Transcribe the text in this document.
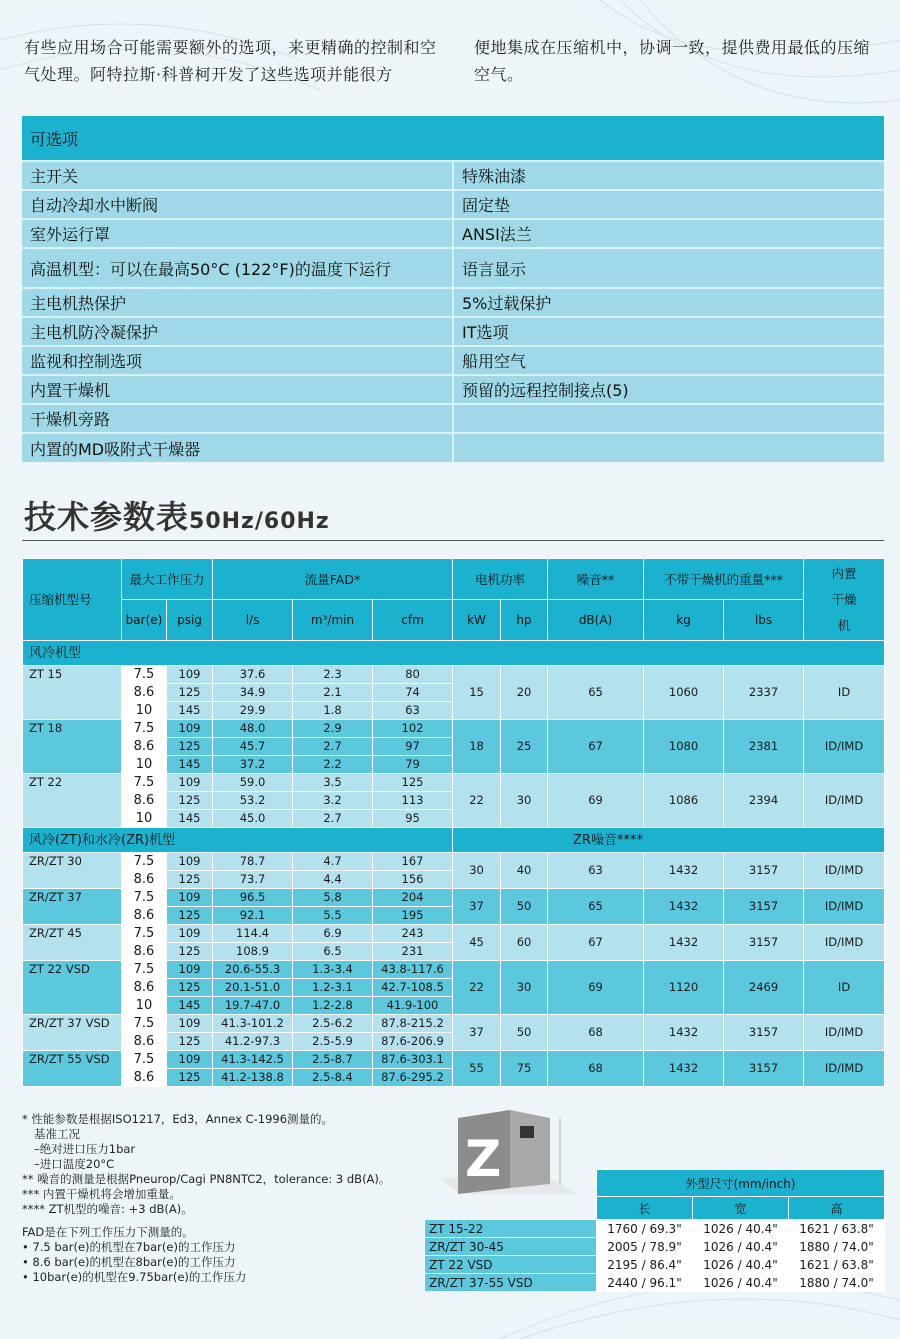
有些应用场合可能需要额外的选项，来更精确的控制和空气处理。阿特拉斯·科普柯开发了这些选项并能很方
便地集成在压缩机中，协调一致，提供费用最低的压缩空气。
可选项	
主开关	特殊油漆
自动冷却水中断阀	固定垫
室外运行罩	ANSI法兰
高温机型：可以在最高50°C (122°F)的温度下运行	语言显示
主电机热保护	5%过载保护
主电机防冷凝保护	IT选项
监视和控制选项	船用空气
内置干燥机	预留的远程控制接点(5)
干燥机旁路	
内置的MD吸附式干燥器	
技术参数表50Hz/60Hz
压缩机型号	最大工作压力		流量FAD*			电机功率		噪音**	不带干燥机的重量***		内置干燥机
	bar(e)	psig	l/s	m³/min	cfm	kW	hp	dB(A)	kg	lbs	
风冷机型											
ZT 15	7.5	109	37.6	2.3	80	15	20	65	1060	2337	ID
	8.6	125	34.9	2.1	74						
	10	145	29.9	1.8	63						
ZT 18	7.5	109	48.0	2.9	102	18	25	67	1080	2381	ID/IMD
	8.6	125	45.7	2.7	97						
	10	145	37.2	2.2	79						
ZT 22	7.5	109	59.0	3.5	125	22	30	69	1086	2394	ID/IMD
	8.6	125	53.2	3.2	113						
	10	145	45.0	2.7	95						
风冷(ZT)和水冷(ZR)机型						ZR噪音****					
ZR/ZT 30	7.5	109	78.7	4.7	167	30	40	63	1432	3157	ID/IMD
	8.6	125	73.7	4.4	156						
ZR/ZT 37	7.5	109	96.5	5.8	204	37	50	65	1432	3157	ID/IMD
	8.6	125	92.1	5.5	195						
ZR/ZT 45	7.5	109	114.4	6.9	243	45	60	67	1432	3157	ID/IMD
	8.6	125	108.9	6.5	231						
ZT 22 VSD	7.5	109	20.6-55.3	1.3-3.4	43.8-117.6	22	30	69	1120	2469	ID
	8.6	125	20.1-51.0	1.2-3.1	42.7-108.5						
	10	145	19.7-47.0	1.2-2.8	41.9-100						
ZR/ZT 37 VSD	7.5	109	41.3-101.2	2.5-6.2	87.8-215.2	37	50	68	1432	3157	ID/IMD
	8.6	125	41.2-97.3	2.5-5.9	87.6-206.9						
ZR/ZT 55 VSD	7.5	109	41.3-142.5	2.5-8.7	87.6-303.1	55	75	68	1432	3157	ID/IMD
	8.6	125	41.2-138.8	2.5-8.4	87.6-295.2						

* 性能参数是根据ISO1217，Ed3，Annex C-1996测量的。

基准工况

–绝对进口压力1bar

–进口温度20°C

** 噪音的测量是根据Pneurop/Cagi PN8NTC2，tolerance: 3 dB(A)。

*** 内置干燥机将会增加重量。

**** ZT机型的噪音: +3 dB(A)。

FAD是在下列工作压力下测量的。

• 7.5 bar(e)的机型在7bar(e)的工作压力

• 8.6 bar(e)的机型在8bar(e)的工作压力

• 10bar(e)的机型在9.75bar(e)的工作压力

Z
		外型尺寸(mm/inch)		
	长	宽	高
ZT 15-22	1760 / 69.3"	1026 / 40.4"	1621 / 63.8"
ZR/ZT 30-45	2005 / 78.9"	1026 / 40.4"	1880 / 74.0"
ZT 22 VSD	2195 / 86.4"	1026 / 40.4"	1621 / 63.8"
ZR/ZT 37-55 VSD	2440 / 96.1"	1026 / 40.4"	1880 / 74.0"
